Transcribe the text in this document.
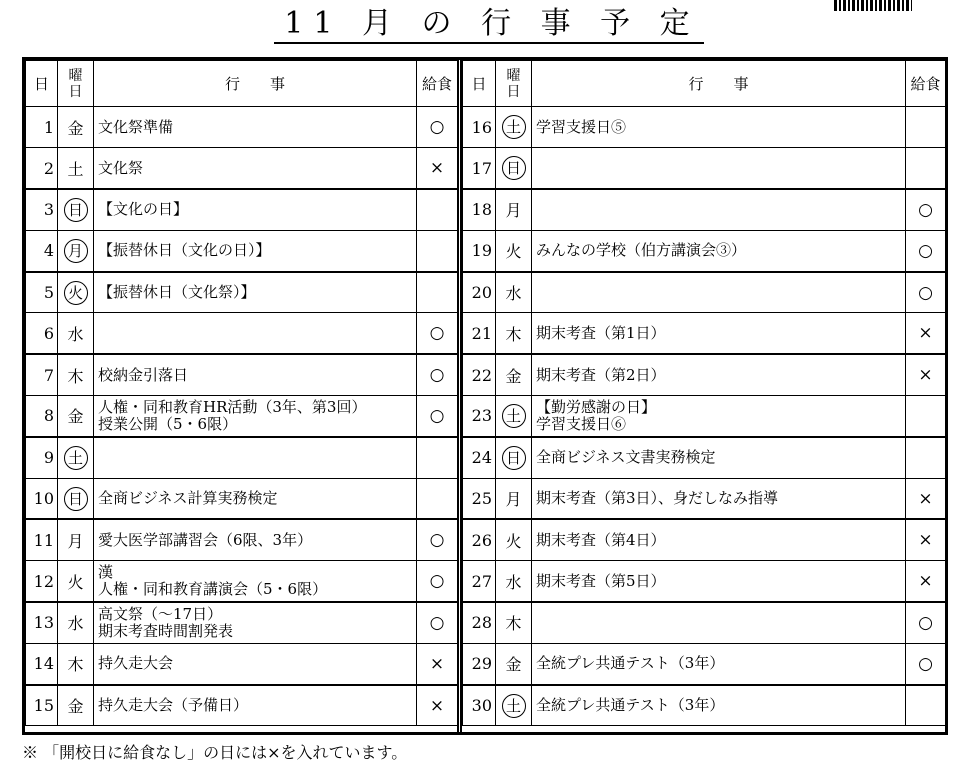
11 月 の 行 事 予 定
日	曜
日	行　　事	給食
1	金	文化祭準備	○
2	土	文化祭	×
3	日	【文化の日】	

4	月	【振替休日（文化の日）】	

5	火	【振替休日（文化祭）】	

6	水		○
7	木	校納金引落日	○
8	金	人権・同和教育HR活動（3年、第3回）
授業公開（5・6限）	○
9	土	

10	日	全商ビジネス計算実務検定	

11	月	愛大医学部講習会（6限、3年）	○
12	火	漢
人権・同和教育講演会（5・6限）	○
13	水	高文祭（～17日）
期末考査時間割発表	○
14	木	持久走大会	×
15	金	持久走大会（予備日）	×
日	曜
日	行　　事	給食
16	土	学習支援日⑤	

17	日	

18	月		○
19	火	みんなの学校（伯方講演会③）	○
20	水		○
21	木	期末考査（第1日）	×
22	金	期末考査（第2日）	×
23	土	【勤労感謝の日】
学習支援日⑥	

24	日	全商ビジネス文書実務検定	

25	月	期末考査（第3日）、身だしなみ指導	×
26	火	期末考査（第4日）	×
27	水	期末考査（第5日）	×
28	木		○
29	金	全統プレ共通テスト（3年）	○
30	土	全統プレ共通テスト（3年）	

※ 「開校日に給食なし」の日には×を入れています。
